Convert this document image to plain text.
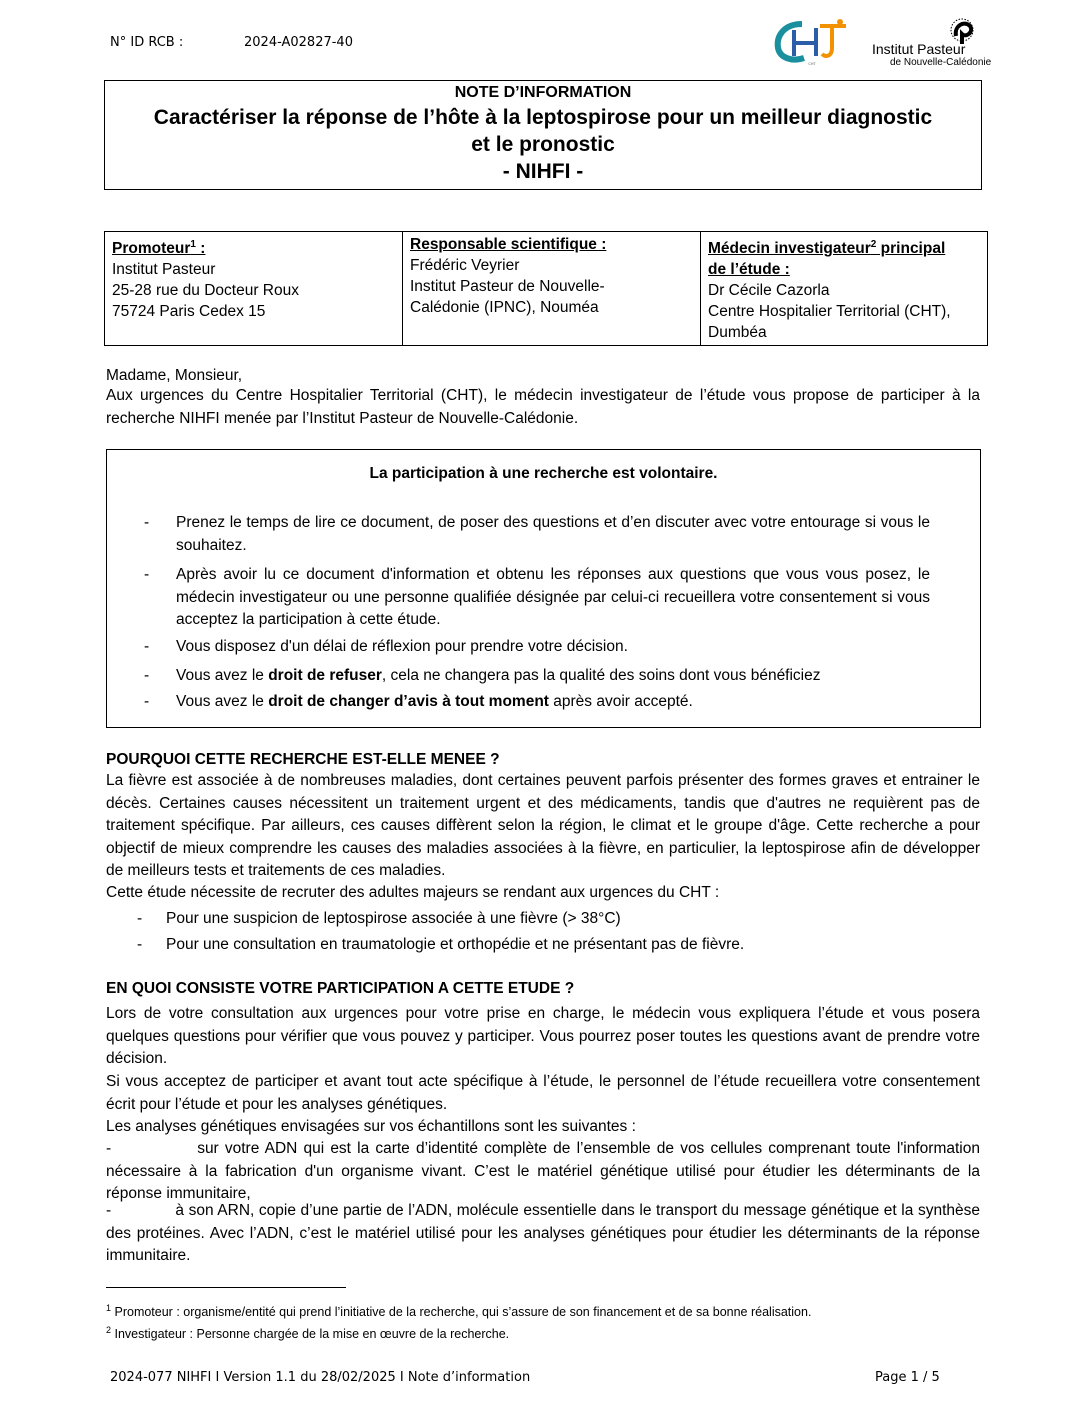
N° ID RCB :	2024-A02827-40
CHT
Institut Pasteur
de Nouvelle-Calédonie
NOTE D’INFORMATION
Caractériser la réponse de l’hôte à la leptospirose pour un meilleur diagnostic
et le pronostic
- NIHFI -
Promoteur$^1$ :
Institut Pasteur
25-28 rue du Docteur Roux
75724 Paris Cedex 15

Responsable scientifique :
Frédéric Veyrier
Institut Pasteur de Nouvelle-
Calédonie (IPNC), Nouméa

Médecin investigateur$^2$ principal
de l’étude :
Dr Cécile Cazorla
Centre Hospitalier Territorial (CHT),
Dumbéa
Madame, Monsieur,
Aux urgences du Centre Hospitalier Territorial (CHT), le médecin investigateur de l’étude vous propose de participer à la recherche NIHFI menée par l’Institut Pasteur de Nouvelle-Calédonie.
La participation à une recherche est volontaire.
- Prenez le temps de lire ce document, de poser des questions et d’en discuter avec votre entourage si vous le souhaitez.
- Après avoir lu ce document d'information et obtenu les réponses aux questions que vous vous posez, le médecin investigateur ou une personne qualifiée désignée par celui-ci recueillera votre consentement si vous acceptez la participation à cette étude.
- Vous disposez d'un délai de réflexion pour prendre votre décision.
- Vous avez le droit de refuser, cela ne changera pas la qualité des soins dont vous bénéficiez
- Vous avez le droit de changer d’avis à tout moment après avoir accepté.
POURQUOI CETTE RECHERCHE EST-ELLE MENEE ?
La fièvre est associée à de nombreuses maladies, dont certaines peuvent parfois présenter des formes graves et entrainer le décès. Certaines causes nécessitent un traitement urgent et des médicaments, tandis que d'autres ne requièrent pas de traitement spécifique. Par ailleurs, ces causes diffèrent selon la région, le climat et le groupe d'âge. Cette recherche a pour objectif de mieux comprendre les causes des maladies associées à la fièvre, en particulier, la leptospirose afin de développer de meilleurs tests et traitements de ces maladies.
Cette étude nécessite de recruter des adultes majeurs se rendant aux urgences du CHT :
- Pour une suspicion de leptospirose associée à une fièvre (> 38°C)
- Pour une consultation en traumatologie et orthopédie et ne présentant pas de fièvre.
EN QUOI CONSISTE VOTRE PARTICIPATION A CETTE ETUDE ?
Lors de votre consultation aux urgences pour votre prise en charge, le médecin vous expliquera l’étude et vous posera quelques questions pour vérifier que vous pouvez y participer. Vous pourrez poser toutes les questions avant de prendre votre décision.
Si vous acceptez de participer et avant tout acte spécifique à l’étude, le personnel de l’étude recueillera votre consentement écrit pour l’étude et pour les analyses génétiques.
Les analyses génétiques envisagées sur vos échantillons sont les suivantes :
-              sur votre ADN qui est la carte d’identité complète de l’ensemble de vos cellules comprenant toute l'information nécessaire à la fabrication d'un organisme vivant. C’est le matériel génétique utilisé pour étudier les déterminants de la réponse immunitaire,
-              à son ARN, copie d’une partie de l’ADN, molécule essentielle dans le transport du message génétique et la synthèse des protéines. Avec l’ADN, c’est le matériel utilisé pour les analyses génétiques pour étudier les déterminants de la réponse immunitaire.
$^1$ Promoteur : organisme/entité qui prend l’initiative de la recherche, qui s’assure de son financement et de sa bonne réalisation.
$^2$ Investigateur : Personne chargée de la mise en œuvre de la recherche.
2024-077 NIHFI I Version 1.1 du 28/02/2025 I Note d’information	Page 1 / 5
